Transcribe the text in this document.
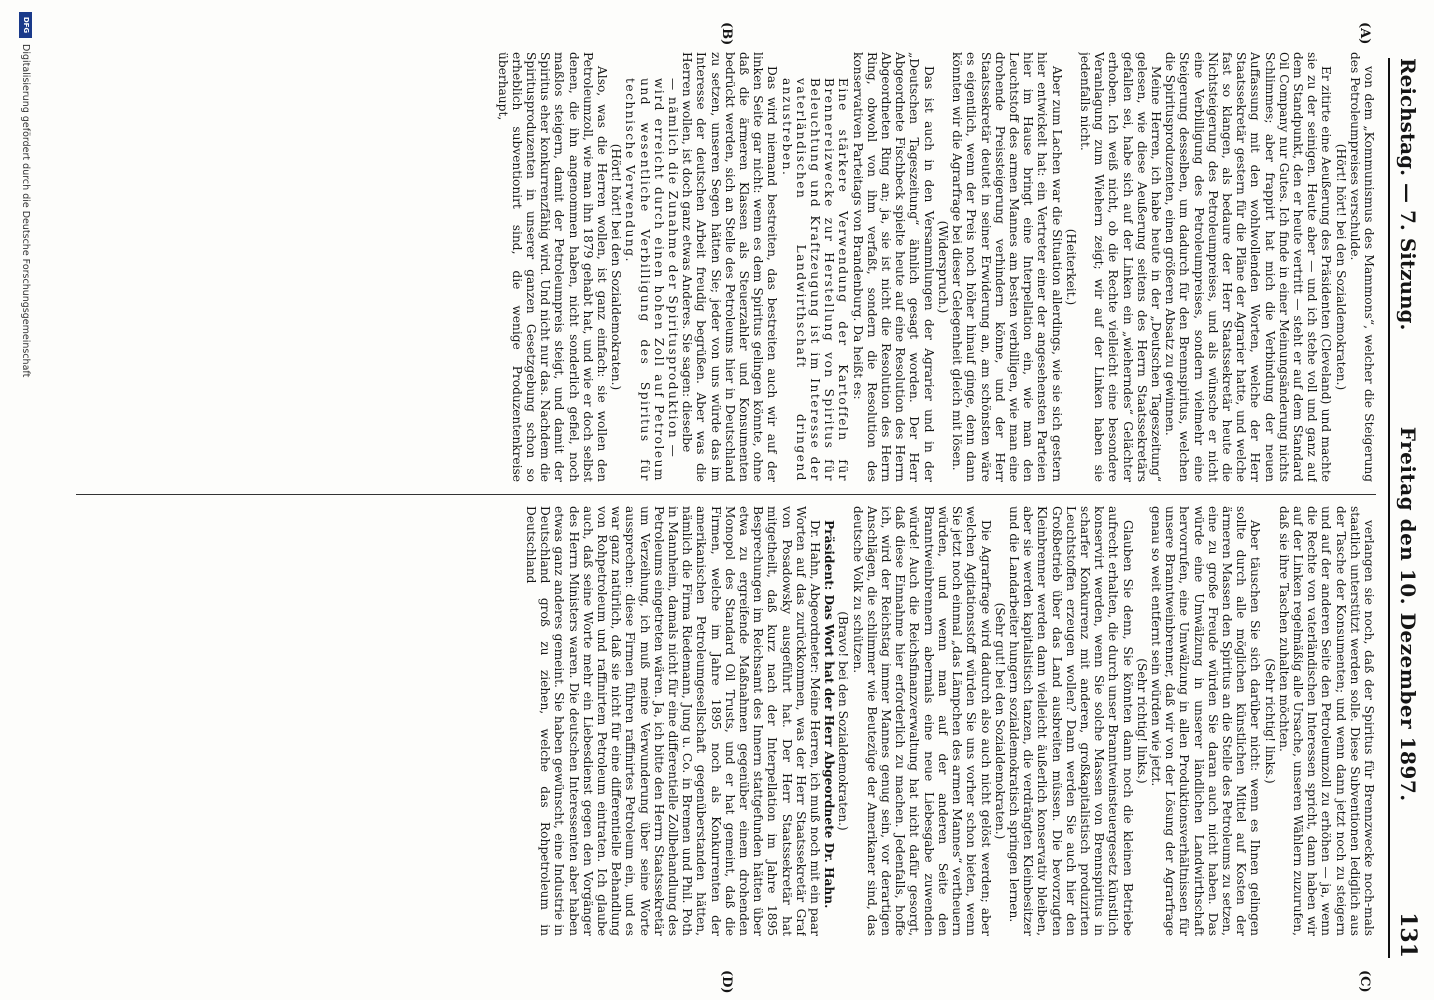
Reichstag. — 7. Sitzung.
Freitag den 10. Dezember 1897.
131
(A)
(B)
(C)
(D)

von dem „Kommunismus des Mammons“, welcher die Steigerung des Petroleumpreises verschulde.

(Hört! hört! bei den Sozialdemokraten.)

Er zitirte eine Aeußerung des Präsidenten (Cleveland) und machte sie zu der seinigen. Heute aber — und ich stehe voll und ganz auf dem Standpunkt, den er heute vertritt — steht er auf dem Standard Oil Company nur Gutes. Ich finde in einer Meinungsänderung nichts Schlimmes; aber frappirt hat mich die Verbindung der neuen Auffassung mit den wohlwollenden Worten, welche der Herr Staatssekretär gestern für die Pläne der Agrarier hatte, und welche fast so klangen, als bedaure der Herr Staatssekretär heute die Nichtsteigerung des Petroleumpreises, und als wünsche er nicht eine Verbilligung des Petroleumpreises, sondern vielmehr eine Steigerung desselben, um dadurch für den Brennspiritus, welchen die Spiritusproduzenten, einen größeren Absatz zu gewinnen.

Meine Herren, ich habe heute in der „Deutschen Tageszeitung“ gelesen, wie diese Aeußerung seitens des Herrn Staatssekretärs gefallen sei, habe sich auf der Linken ein „wieherndes“ Gelächter erhoben. Ich weiß nicht, ob die Rechte vielleicht eine besondere Veranlagung zum Wiehern zeigt; wir auf der Linken haben sie jedenfalls nicht.

(Heiterkeit.)

Aber zum Lachen war die Situation allerdings, wie sie sich gestern hier entwickelt hat: ein Vertreter einer der angesehensten Parteien hier im Hause bringt eine Interpellation ein, wie man den Leuchtstoff des armen Mannes am besten verbilligen, wie man eine drohende Preissteigerung verhindern könne, und der Herr Staatssekretär deutet in seiner Erwiderung an, am schönsten wäre es eigentlich, wenn der Preis noch höher hinauf ginge, denn dann könnten wir die Agrarfrage bei dieser Gelegenheit gleich mit lösen.

(Widerspruch.)

Das ist auch in den Versammlungen der Agrarier und in der „Deutschen Tageszeitung“ ähnlich gesagt worden. Der Herr Abgeordnete Fischbeck spielte heute auf eine Resolution des Herrn Abgeordneten Ring an; ja, sie ist nicht die Resolution des Herrn Ring, obwohl von ihm verfaßt, sondern die Resolution des konservativen Parteitags von Brandenburg. Da heißt es:

Eine stärkere Verwendung der Kartoffeln für Brennereizwecke zur Herstellung von Spiritus für Beleuchtung und Kraftzeugung ist im Interesse der vaterländischen Landwirthschaft dringend anzustreben.

Das wird niemand bestreiten, das bestreiten auch wir auf der linken Seite gar nicht: wenn es dem Spiritus gelingen könnte, ohne daß die ärmeren Klassen als Steuerzahler und Konsumenten bedrückt werden, sich an Stelle des Petroleums hier in Deutschland zu setzen, unseren Segen hätten Sie; jeder von uns würde das im Interesse der deutschen Arbeit freudig begrüßen. Aber was die Herren wollen, ist doch ganz etwas Anderes. Sie sagen: dieselbe

— nämlich die Zunahme der Spiritusproduktion —

wird erreicht durch einen hohen Zoll auf Petroleum und wesentliche Verbilligung des Spiritus für technische Verwendung.

(Hört! hört! bei den Sozialdemokraten.)

Also, was die Herren wollen, ist ganz einfach: sie wollen den Petroleumzoll, wie man ihn 1879 gehabt hat, und wie er doch selbst denen, die ihn angenommen haben, nicht sonderlich gefiel, noch maßlos steigern, damit der Petroleumpreis steigt, und damit der Spiritus eher konkurrenzfähig wird. Und nicht nur das. Nachdem die Spiritusproduzenten in unserer ganzen Gesetzgebung schon so erheblich subventionirt sind, die wenige Produzentenkreise überhaupt,

verlangen sie noch, daß der Spiritus für Brennzwecke noch-mals staatlich unterstützt werden solle. Diese Subventionen lediglich aus der Tasche der Konsumenten; und wenn dann jetzt noch zu steigern und auf der anderen Seite den Petroleumzoll zu erhöhen — ja, wenn die Rechte von vaterländischen Interessen spricht, dann haben wir auf der Linken regelmäßig alle Ursache, unseren Wählern zuzurufen, daß sie ihre Taschen zuhalten möchten.

(Sehr richtig! links.)

Aber täuschen Sie sich darüber nicht: wenn es Ihnen gelingen sollte durch alle möglichen künstlichen Mittel auf Kosten der ärmeren Massen den Spiritus an die Stelle des Petroleums zu setzen, eine zu große Freude würden Sie daran auch nicht haben. Das würde eine Umwälzung in unserer ländlichen Landwirthschaft hervorrufen, eine Umwälzung in allen Produktionsverhältnissen für unsere Branntweinbrenner, daß wir von der Lösung der Agrarfrage genau so weit entfernt sein würden wie jetzt.

(Sehr richtig! links.)

Glauben Sie denn, Sie könnten dann noch die kleinen Betriebe aufrecht erhalten, die durch unser Branntweinsteuergesetz künstlich konservirt werden, wenn Sie solche Massen von Brennspiritus in scharfer Konkurrenz mit anderen, großkapitalistisch produzirten Leuchtstoffen erzeugen wollen? Dann werden Sie auch hier den Großbetrieb über das Land ausbreiten müssen. Die bevorzugten Kleinbrenner werden dann vielleicht äußerlich konservativ bleiben, aber sie werden kapitalistisch tanzen, die verdrängten Kleinbesitzer und die Landarbeiter hungern sozialdemokratisch springen lernen.

(Sehr gut! bei den Sozialdemokraten.)

Die Agrarfrage wird dadurch also auch nicht gelöst werden; aber welchen Agitationsstoff würden Sie uns vorher schon bieten, wenn Sie jetzt noch einmal „das Lämpchen des armen Mannes“ vertheuern würden, und wenn man auf der anderen Seite den Branntweinbrennern abermals eine neue Liebesgabe zuwenden würde! Auch die Reichsfinanzverwaltung hat nicht dafür gesorgt, daß diese Einnahme hier erforderlich zu machen. Jedenfalls, hoffe ich, wird der Reichstag immer Mannes genug sein, vor derartigen Anschlägen, die schlimmer wie Beutezüge der Amerikaner sind, das deutsche Volk zu schützen.

(Bravo! bei den Sozialdemokraten.)

Präsident: Das Wort hat der Herr Abgeordnete Dr. Hahn.

Dr. Hahn, Abgeordneter: Meine Herren, ich muß noch mit ein paar Worten auf das zurückkommen, was der Herr Staatssekretär Graf von Posadowsky ausgeführt hat. Der Herr Staatssekretär hat mitgetheilt, daß kurz nach der Interpellation im Jahre 1895 Besprechungen im Reichsamt des Innern stattgefunden hätten über etwa zu ergreifende Maßnahmen gegenüber einem drohenden Monopol des Standard Oil Trusts, und er hat gemeint, daß die Firmen, welche im Jahre 1895 noch als Konkurrenten der amerikanischen Petroleumgesellschaft gegenüberstanden hätten, nämlich die Firma Riedemann, Jung u. Co. in Bremen und Phil. Poth in Mannheim, damals nicht für eine differentielle Zollbehandlung des Petroleums eingetreten wären. Ja, ich bitte den Herrn Staatssekretär um Verzeihung, ich muß meine Verwunderung über seine Worte aussprechen: diese Firmen führen raffinirtes Petroleum ein, und es war ganz natürlich, daß sie nicht für eine differentielle Behandlung von Rohpetroleum und raffinirtem Petroleum eintraten. Ich glaube auch, daß seine Worte mehr ein Liebesdienst gegen den Vorgänger des Herrn Ministers waren. Die deutschen Interessenten aber haben etwas ganz anderes gemeint. Sie haben gewünscht, eine Industrie in Deutschland groß zu ziehen, welche das Rohpetroleum in Deutschland

DFG
Digitalisierung gefördert durch die Deutsche Forschungsgemeinschaft
